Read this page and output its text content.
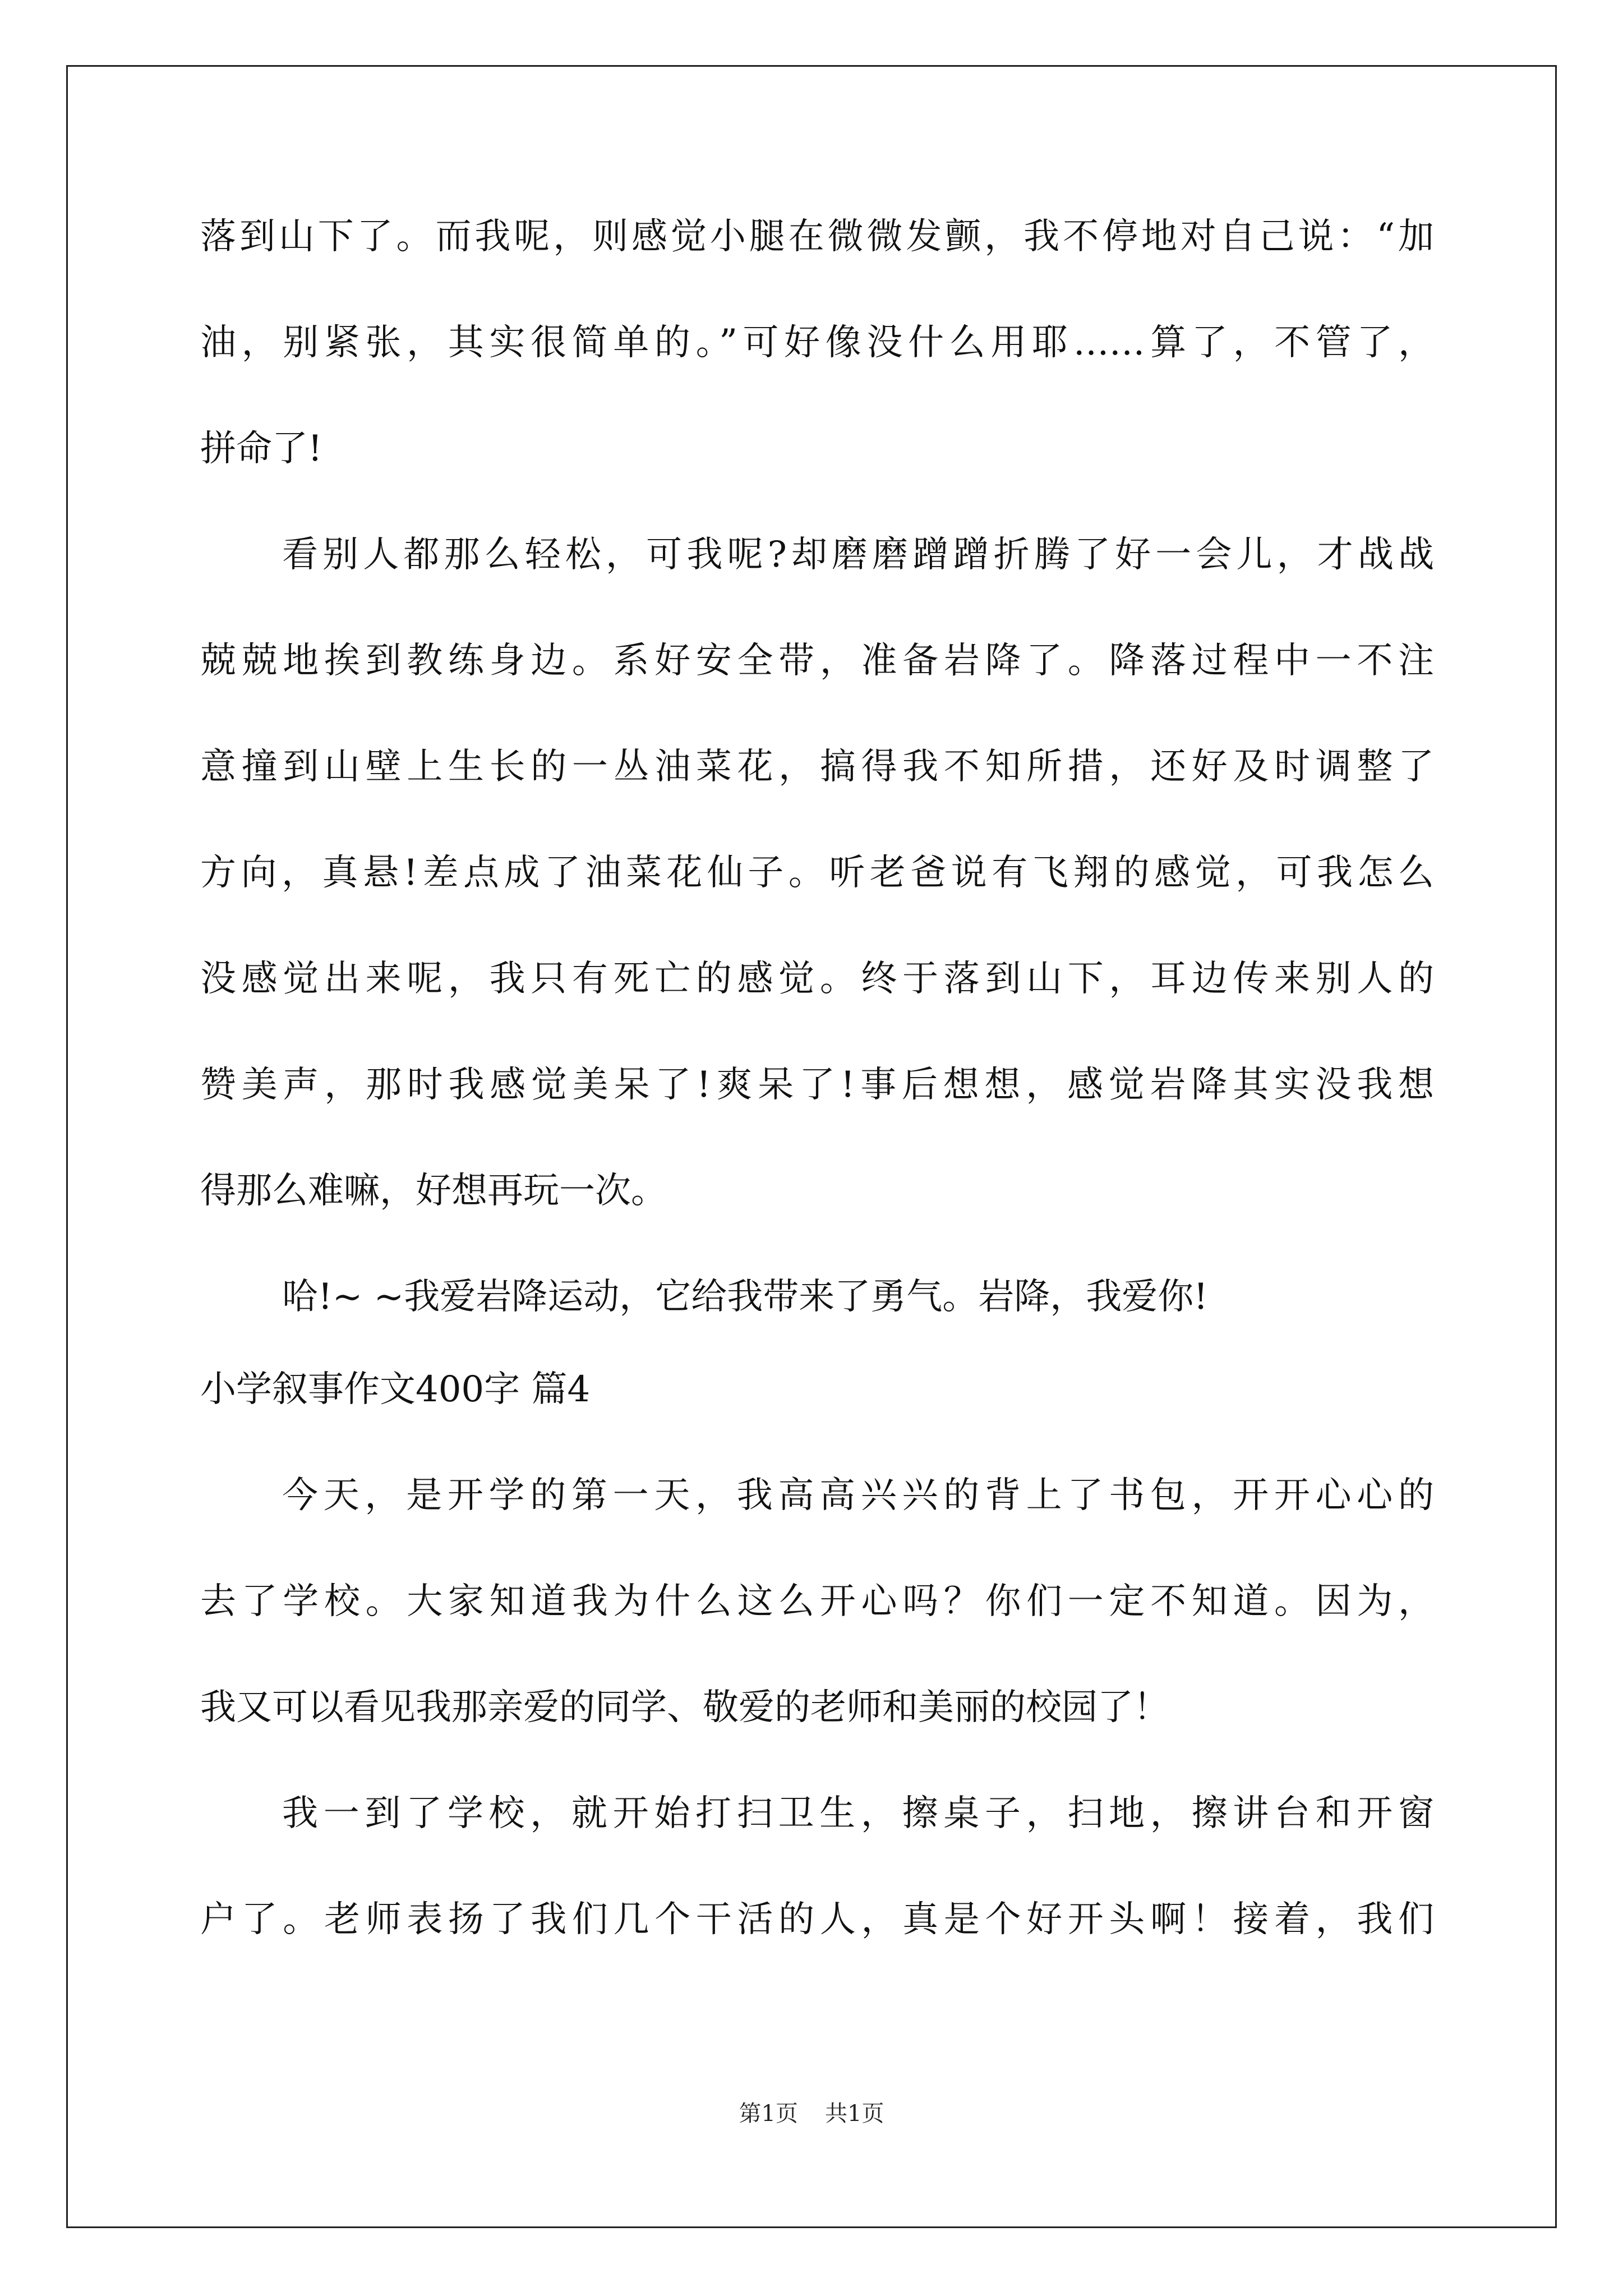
落到山下了。而我呢，则感觉小腿在微微发颤，我不停地对自己说：“加
油，别紧张，其实很简单的。”可好像没什么用耶……算了，不管了，
拼命了!
看别人都那么轻松，可我呢?却磨磨蹭蹭折腾了好一会儿，才战战
兢兢地挨到教练身边。系好安全带，准备岩降了。降落过程中一不注
意撞到山壁上生长的一丛油菜花，搞得我不知所措，还好及时调整了
方向，真悬!差点成了油菜花仙子。听老爸说有飞翔的感觉，可我怎么
没感觉出来呢，我只有死亡的感觉。终于落到山下，耳边传来别人的
赞美声，那时我感觉美呆了!爽呆了!事后想想，感觉岩降其实没我想
得那么难嘛，好想再玩一次。
哈!~ ~我爱岩降运动，它给我带来了勇气。岩降，我爱你!
小学叙事作文400字 篇4
今天，是开学的第一天，我高高兴兴的背上了书包，开开心心的
去了学校。大家知道我为什么这么开心吗？你们一定不知道。因为，
我又可以看见我那亲爱的同学、敬爱的老师和美丽的校园了！
我一到了学校，就开始打扫卫生，擦桌子，扫地，擦讲台和开窗
户了。老师表扬了我们几个干活的人，真是个好开头啊！接着，我们
第1页 共1页
